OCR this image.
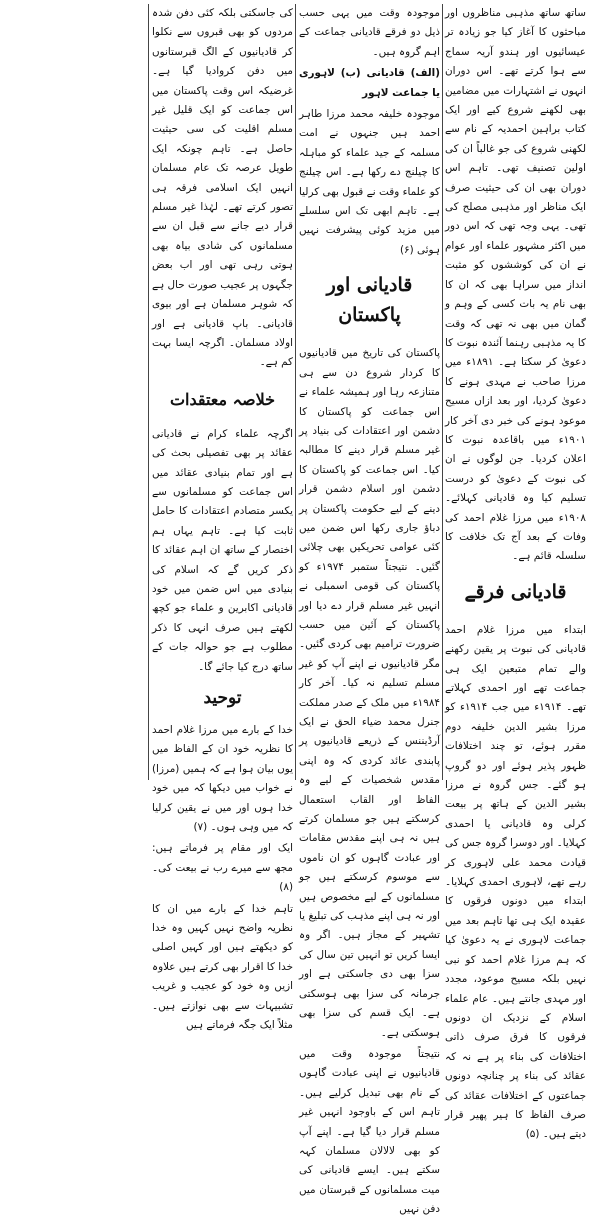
ساتھ ساتھ مذہبی مناظروں اور مباحثوں کا آغاز کیا جو زیادہ تر عیسائیوں اور ہندو آریہ سماج سے ہوا کرتے تھے۔ اس دوران انہوں نے اشتہارات میں مضامین بھی لکھنے شروع کیے اور ایک کتاب براہین احمدیہ کے نام سے لکھنی شروع کی جو غالباً ان کی اولین تصنیف تھی۔ تاہم اس دوران بھی ان کی حیثیت صرف ایک مناظر اور مذہبی مصلح کی تھی۔ یہی وجہ تھی کہ اس دور میں اکثر مشہور علماء اور عوام نے ان کی کوششوں کو مثبت انداز میں سراہا بھی کہ ان کا بھی نام یہ بات کسی کے وہم و گمان میں بھی نہ تھی کہ وقت کا یہ مذہبی رہنما آئندہ نبوت کا دعویٰ کر سکتا ہے۔ ۱۸۹۱ء میں مرزا صاحب نے مہدی ہونے کا دعویٰ کردیا، اور بعد ازاں مسیح موعود ہونے کی خبر دی آخر کار ۱۹۰۱ء میں باقاعدہ نبوت کا اعلان کردیا۔ جن لوگوں نے ان کی نبوت کے دعویٰ کو درست تسلیم کیا وہ قادیانی کہلائے۔ ۱۹۰۸ء میں مرزا غلام احمد کی وفات کے بعد آج تک خلافت کا سلسلہ قائم ہے۔

قادیانی فرقے

ابتداء میں مرزا غلام احمد قادیانی کی نبوت پر یقین رکھنے والے تمام متبعین ایک ہی جماعت تھے اور احمدی کہلاتے تھے۔ ۱۹۱۴ء میں جب ۱۹۱۴ء کو مرزا بشیر الدین خلیفہ دوم مقرر ہوئے، تو چند اختلافات ظہور پذیر ہوئے اور دو گروپ ہو گئے۔ جس گروہ نے مرزا بشیر الدین کے ہاتھ پر بیعت کرلی وہ قادیانی یا احمدی کہلایا۔ اور دوسرا گروہ جس کی قیادت محمد علی لاہوری کر رہے تھے، لاہوری احمدی کہلایا۔ ابتداء میں دونوں فرقوں کا عقیدہ ایک ہی تھا تاہم بعد میں جماعت لاہوری نے یہ دعویٰ کیا کہ ہم مرزا غلام احمد کو نبی نہیں بلکہ مسیح موعود، مجدد اور مہدی جانتے ہیں۔ عام علماء اسلام کے نزدیک ان دونوں فرقوں کا فرق صرف ذاتی اختلافات کی بناء پر ہے نہ کہ عقائد کی بناء پر چنانچہ دونوں جماعتوں کے اختلافات عقائد کی صرف الفاظ کا ہیر پھیر قرار دیتے ہیں۔ (۵)

موجودہ وقت میں یہی حسب ذیل دو فرقے قادیانی جماعت کے اہم گروہ ہیں۔

(الف) قادیانی (ب) لاہوری یا جماعت لاہور

موجودہ خلیفہ محمد مرزا طاہر احمد ہیں جنہوں نے امت مسلمہ کے جید علماء کو مباہلہ کا چیلنج دے رکھا ہے۔ اس چیلنج کو علماء وقت نے قبول بھی کرلیا ہے۔ تاہم ابھی تک اس سلسلے میں مزید کوئی پیشرفت نہیں ہوئی (۶)

قادیانی اور پاکستان

پاکستان کی تاریخ میں قادیانیوں کا کردار شروع دن سے ہی متنازعہ رہا اور ہمیشہ علماء نے اس جماعت کو پاکستان کا دشمن اور اعتقادات کی بنیاد پر غیر مسلم قرار دینے کا مطالبہ کیا۔ اس جماعت کو پاکستان کا دشمن اور اسلام دشمن قرار دینے کے لیے حکومت پاکستان پر دباؤ جاری رکھا اس ضمن میں کئی عوامی تحریکیں بھی چلائی گئیں۔ نتیجتاً ستمبر ۱۹۷۴ء کو پاکستان کی قومی اسمبلی نے انہیں غیر مسلم قرار دے دیا اور پاکستان کے آئین میں حسب ضرورت ترامیم بھی کردی گئیں۔ مگر قادیانیوں نے اپنے آپ کو غیر مسلم تسلیم نہ کیا۔ آخر کار ۱۹۸۴ء میں ملک کے صدر مملکت جنرل محمد ضیاء الحق نے ایک آرڈیننس کے ذریعے قادیانیوں پر پابندی عائد کردی کہ وہ اپنی مقدس شخصیات کے لیے وہ الفاظ اور القاب استعمال کرسکتے ہیں جو مسلمان کرتے ہیں نہ ہی اپنے مقدس مقامات اور عبادت گاہوں کو ان ناموں سے موسوم کرسکتے ہیں جو مسلمانوں کے لیے مخصوص ہیں اور نہ ہی اپنے مذہب کی تبلیغ یا تشہیر کے مجاز ہیں۔ اگر وہ ایسا کریں تو انہیں تین سال کی سزا بھی دی جاسکتی ہے اور جرمانہ کی سزا بھی ہوسکتی ہے۔ ایک قسم کی سزا بھی ہوسکتی ہے۔

نتیجتاً موجودہ وقت میں قادیانیوں نے اپنی عبادت گاہوں کے نام بھی تبدیل کرلیے ہیں۔ تاہم اس کے باوجود انہیں غیر مسلم قرار دیا گیا ہے۔ اپنے آپ کو بھی لالالان مسلمان کہہ سکتے ہیں۔ ایسے قادیانی کی میت مسلمانوں کے قبرستان میں دفن نہیں

کی جاسکتی بلکہ کئی دفن شدہ مردوں کو بھی قبروں سے نکلوا کر قادیانیوں کے الگ قبرستانوں میں دفن کروادیا گیا ہے۔ غرضیکہ اس وقت پاکستان میں اس جماعت کو ایک قلیل غیر مسلم اقلیت کی سی حیثیت حاصل ہے۔ تاہم چونکہ ایک طویل عرصہ تک عام مسلمان انہیں ایک اسلامی فرقہ ہی تصور کرتے تھے۔ لہٰذا غیر مسلم قرار دیے جانے سے قبل ان سے مسلمانوں کی شادی بیاہ بھی ہوتی رہی تھی اور اب بعض جگہوں پر عجیب صورت حال ہے کہ شوہر مسلمان ہے اور بیوی قادیانی۔ باپ قادیانی ہے اور اولاد مسلمان۔ اگرچہ ایسا بہت کم ہے۔

خلاصہ معتقدات

اگرچہ علماء کرام نے قادیانی عقائد پر بھی تفصیلی بحث کی ہے اور تمام بنیادی عقائد میں اس جماعت کو مسلمانوں سے یکسر متصادم اعتقادات کا حامل ثابت کیا ہے۔ تاہم یہاں ہم اختصار کے ساتھ ان اہم عقائد کا ذکر کریں گے کہ اسلام کی بنیادی میں اس ضمن میں خود قادیانی اکابرین و علماء جو کچھ لکھتے ہیں صرف انہی کا ذکر مطلوب ہے جو حوالہ جات کے ساتھ درج کیا جائے گا۔

توحید

خدا کے بارے میں مرزا غلام احمد کا نظریہ خود ان کے الفاظ میں یوں بیان ہوا ہے کہ ہمیں (مرزا) نے خواب میں دیکھا کہ میں خود خدا ہوں اور میں نے یقین کرلیا کہ میں وہی ہوں۔ (۷)

ایک اور مقام پر فرماتے ہیں: مجھ سے میرے رب نے بیعت کی۔ (۸)

تاہم خدا کے بارے میں ان کا نظریہ واضح نہیں کہیں وہ خدا کو دیکھتے ہیں اور کہیں اصلی خدا کا اقرار بھی کرتے ہیں علاوہ ازیں وہ خود کو عجیب و غریب تشبیہات سے بھی نوازتے ہیں۔ مثلاً ایک جگہ فرماتے ہیں
